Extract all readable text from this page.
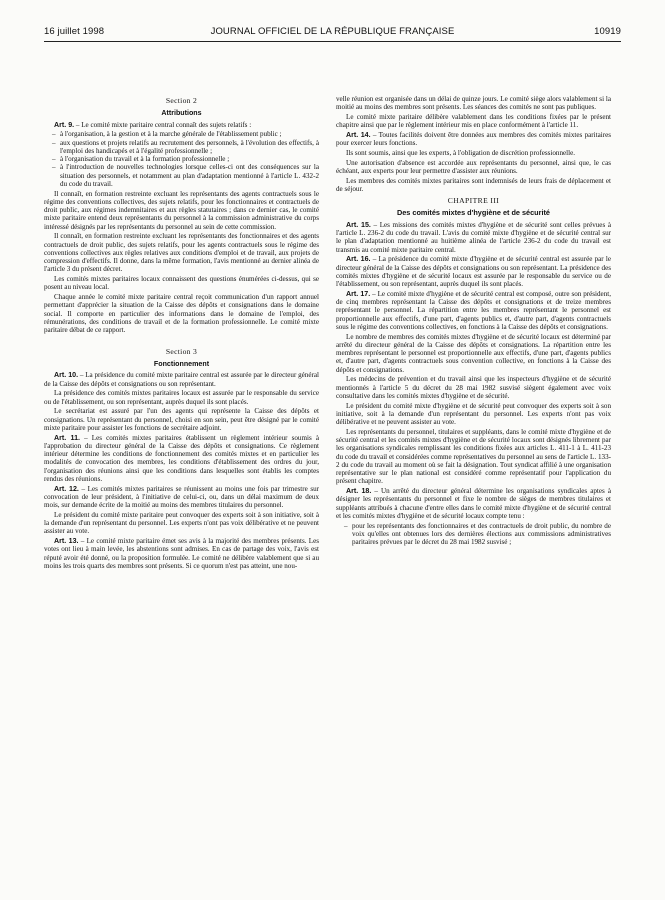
16 juillet 1998	JOURNAL OFFICIEL DE LA RÉPUBLIQUE FRANÇAISE	10919
Section 2
Attributions

Art. 9. – Le comité mixte paritaire central connaît des sujets relatifs :

– à l'organisation, à la gestion et à la marche générale de l'établissement public ;
– aux questions et projets relatifs au recrutement des personnels, à l'évolution des effectifs, à l'emploi des handicapés et à l'égalité professionnelle ;
– à l'organisation du travail et à la formation professionnelle ;
– à l'introduction de nouvelles technologies lorsque celles-ci ont des conséquences sur la situation des personnels, et notamment au plan d'adaptation mentionné à l'article L. 432-2 du code du travail.

Il connaît, en formation restreinte excluant les représentants des agents contractuels sous le régime des conventions collectives, des sujets relatifs, pour les fonctionnaires et contractuels de droit public, aux régimes indemnitaires et aux règles statutaires ; dans ce dernier cas, le comité mixte paritaire entend deux représentants du personnel à la commission administrative du corps intéressé désignés par les représentants du personnel au sein de cette commission.

Il connaît, en formation restreinte excluant les représentants des fonctionnaires et des agents contractuels de droit public, des sujets relatifs, pour les agents contractuels sous le régime des conventions collectives aux règles relatives aux conditions d'emploi et de travail, aux projets de compression d'effectifs. Il donne, dans la même formation, l'avis mentionné au dernier alinéa de l'article 3 du présent décret.

Les comités mixtes paritaires locaux connaissent des questions énumérées ci-dessus, qui se posent au niveau local.

Chaque année le comité mixte paritaire central reçoit communication d'un rapport annuel permettant d'apprécier la situation de la Caisse des dépôts et consignations dans le domaine social. Il comporte en particulier des informations dans le domaine de l'emploi, des rémunérations, des conditions de travail et de la formation professionnelle. Le comité mixte paritaire débat de ce rapport.

Section 3
Fonctionnement

Art. 10. – La présidence du comité mixte paritaire central est assurée par le directeur général de la Caisse des dépôts et consignations ou son représentant.

La présidence des comités mixtes paritaires locaux est assurée par le responsable du service ou de l'établissement, ou son représentant, auprès duquel ils sont placés.

Le secrétariat est assuré par l'un des agents qui représente la Caisse des dépôts et consignations. Un représentant du personnel, choisi en son sein, peut être désigné par le comité mixte paritaire pour assister les fonctions de secrétaire adjoint.

Art. 11. – Les comités mixtes paritaires établissent un règlement intérieur soumis à l'approbation du directeur général de la Caisse des dépôts et consignations. Ce règlement intérieur détermine les conditions de fonctionnement des comités mixtes et en particulier les modalités de convocation des membres, les conditions d'établissement des ordres du jour, l'organisation des réunions ainsi que les conditions dans lesquelles sont établis les comptes rendus des réunions.

Art. 12. – Les comités mixtes paritaires se réunissent au moins une fois par trimestre sur convocation de leur président, à l'initiative de celui-ci, ou, dans un délai maximum de deux mois, sur demande écrite de la moitié au moins des membres titulaires du personnel.

Le président du comité mixte paritaire peut convoquer des experts soit à son initiative, soit à la demande d'un représentant du personnel. Les experts n'ont pas voix délibérative et ne peuvent assister au vote.

Art. 13. – Le comité mixte paritaire émet ses avis à la majorité des membres présents. Les votes ont lieu à main levée, les abstentions sont admises. En cas de partage des voix, l'avis est réputé avoir été donné, ou la proposition formulée. Le comité ne délibère valablement que si au moins les trois quarts des membres sont présents. Si ce quorum n'est pas atteint, une nou-

velle réunion est organisée dans un délai de quinze jours. Le comité siège alors valablement si la moitié au moins des membres sont présents. Les séances des comités ne sont pas publiques.

Le comité mixte paritaire délibère valablement dans les conditions fixées par le présent chapitre ainsi que par le règlement intérieur mis en place conformément à l'article 11.

Art. 14. – Toutes facilités doivent être données aux membres des comités mixtes paritaires pour exercer leurs fonctions.

Ils sont soumis, ainsi que les experts, à l'obligation de discrétion professionnelle.

Une autorisation d'absence est accordée aux représentants du personnel, ainsi que, le cas échéant, aux experts pour leur permettre d'assister aux réunions.

Les membres des comités mixtes paritaires sont indemnisés de leurs frais de déplacement et de séjour.

CHAPITRE III
Des comités mixtes d'hygiène et de sécurité

Art. 15. – Les missions des comités mixtes d'hygiène et de sécurité sont celles prévues à l'article L. 236-2 du code du travail. L'avis du comité mixte d'hygiène et de sécurité central sur le plan d'adaptation mentionné au huitième alinéa de l'article 236-2 du code du travail est transmis au comité mixte paritaire central.

Art. 16. – La présidence du comité mixte d'hygiène et de sécurité central est assurée par le directeur général de la Caisse des dépôts et consignations ou son représentant. La présidence des comités mixtes d'hygiène et de sécurité locaux est assurée par le responsable du service ou de l'établissement, ou son représentant, auprès duquel ils sont placés.

Art. 17. – Le comité mixte d'hygiène et de sécurité central est composé, outre son président, de cinq membres représentant la Caisse des dépôts et consignations et de treize membres représentant le personnel. La répartition entre les membres représentant le personnel est proportionnelle aux effectifs, d'une part, d'agents publics et, d'autre part, d'agents contractuels sous le régime des conventions collectives, en fonctions à la Caisse des dépôts et consignations.

Le nombre de membres des comités mixtes d'hygiène et de sécurité locaux est déterminé par arrêté du directeur général de la Caisse des dépôts et consignations. La répartition entre les membres représentant le personnel est proportionnelle aux effectifs, d'une part, d'agents publics et, d'autre part, d'agents contractuels sous convention collective, en fonctions à la Caisse des dépôts et consignations.

Les médecins de prévention et du travail ainsi que les inspecteurs d'hygiène et de sécurité mentionnés à l'article 5 du décret du 28 mai 1982 susvisé siègent également avec voix consultative dans les comités mixtes d'hygiène et de sécurité.

Le président du comité mixte d'hygiène et de sécurité peut convoquer des experts soit à son initiative, soit à la demande d'un représentant du personnel. Les experts n'ont pas voix délibérative et ne peuvent assister au vote.

Les représentants du personnel, titulaires et suppléants, dans le comité mixte d'hygiène et de sécurité central et les comités mixtes d'hygiène et de sécurité locaux sont désignés librement par les organisations syndicales remplissant les conditions fixées aux articles L. 411-1 à L. 411-23 du code du travail et considérées comme représentatives du personnel au sens de l'article L. 133-2 du code du travail au moment où se fait la désignation. Tout syndicat affilié à une organisation représentative sur le plan national est considéré comme représentatif pour l'application du présent chapitre.

Art. 18. – Un arrêté du directeur général détermine les organisations syndicales aptes à désigner les représentants du personnel et fixe le nombre de sièges de membres titulaires et suppléants attribués à chacune d'entre elles dans le comité mixte d'hygiène et de sécurité central et les comités mixtes d'hygiène et de sécurité locaux compte tenu :

– pour les représentants des fonctionnaires et des contractuels de droit public, du nombre de voix qu'elles ont obtenues lors des dernières élections aux commissions administratives paritaires prévues par le décret du 28 mai 1982 susvisé ;
